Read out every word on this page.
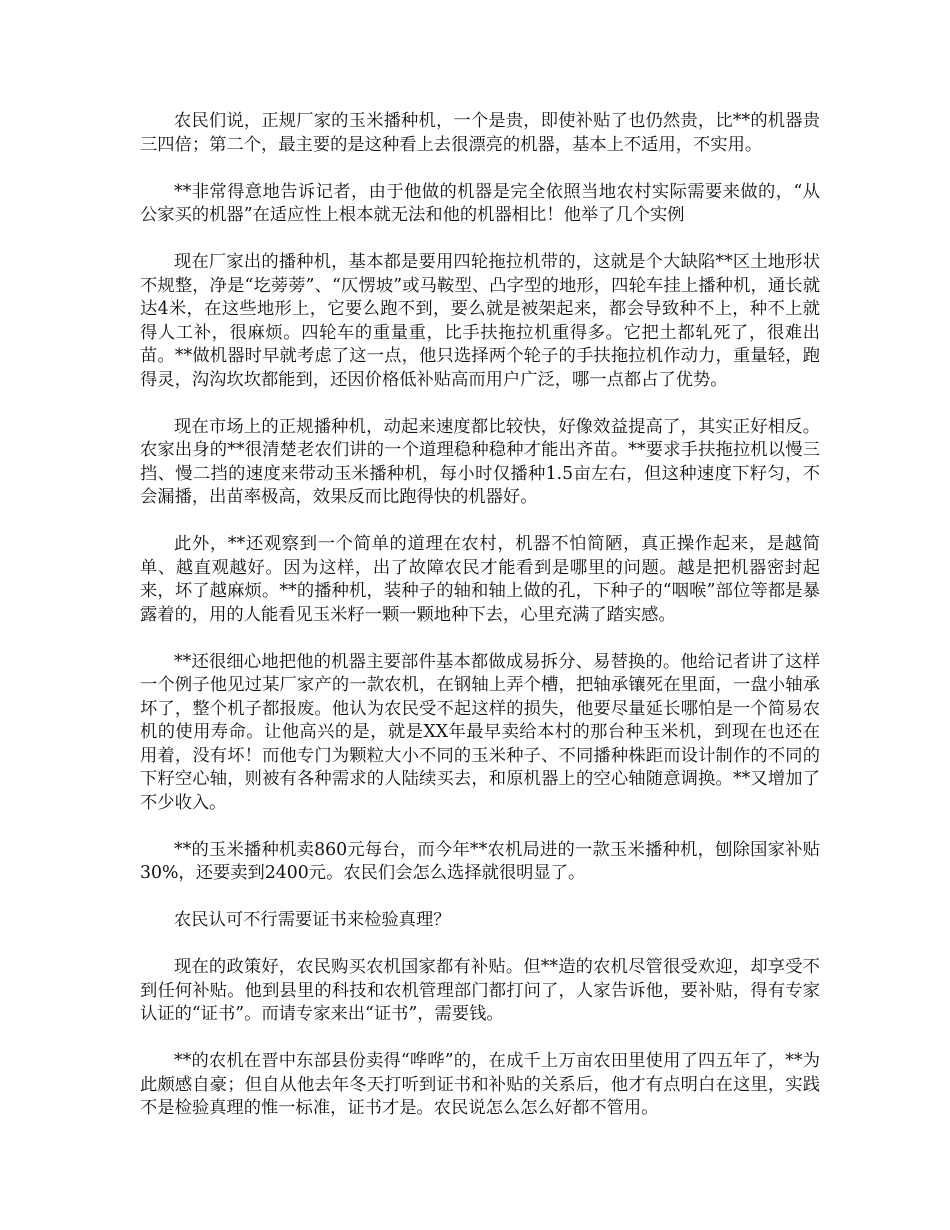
农民们说，正规厂家的玉米播种机，一个是贵，即使补贴了也仍然贵，比**的机器贵三四倍；第二个，最主要的是这种看上去很漂亮的机器，基本上不适用，不实用。

**非常得意地告诉记者，由于他做的机器是完全依照当地农村实际需要来做的，“从公家买的机器”在适应性上根本就无法和他的机器相比！他举了几个实例

现在厂家出的播种机，基本都是要用四轮拖拉机带的，这就是个大缺陷**区土地形状不规整，净是“圪蒡蒡”、“仄愣坡”或马鞍型、凸字型的地形，四轮车挂上播种机，通长就达4米，在这些地形上，它要么跑不到，要么就是被架起来，都会导致种不上，种不上就得人工补，很麻烦。四轮车的重量重，比手扶拖拉机重得多。它把土都轧死了，很难出苗。**做机器时早就考虑了这一点，他只选择两个轮子的手扶拖拉机作动力，重量轻，跑得灵，沟沟坎坎都能到，还因价格低补贴高而用户广泛，哪一点都占了优势。

现在市场上的正规播种机，动起来速度都比较快，好像效益提高了，其实正好相反。农家出身的**很清楚老农们讲的一个道理稳种稳种才能出齐苗。**要求手扶拖拉机以慢三挡、慢二挡的速度来带动玉米播种机，每小时仅播种1.5亩左右，但这种速度下籽匀，不会漏播，出苗率极高，效果反而比跑得快的机器好。

此外，**还观察到一个简单的道理在农村，机器不怕简陋，真正操作起来，是越简单、越直观越好。因为这样，出了故障农民才能看到是哪里的问题。越是把机器密封起来，坏了越麻烦。**的播种机，装种子的轴和轴上做的孔，下种子的“咽喉”部位等都是暴露着的，用的人能看见玉米籽一颗一颗地种下去，心里充满了踏实感。

**还很细心地把他的机器主要部件基本都做成易拆分、易替换的。他给记者讲了这样一个例子他见过某厂家产的一款农机，在钢轴上弄个槽，把轴承镶死在里面，一盘小轴承坏了，整个机子都报废。他认为农民受不起这样的损失，他要尽量延长哪怕是一个简易农机的使用寿命。让他高兴的是，就是XX年最早卖给本村的那台种玉米机，到现在也还在用着，没有坏！而他专门为颗粒大小不同的玉米种子、不同播种株距而设计制作的不同的下籽空心轴，则被有各种需求的人陆续买去，和原机器上的空心轴随意调换。**又增加了不少收入。

**的玉米播种机卖860元每台，而今年**农机局进的一款玉米播种机，刨除国家补贴30%，还要卖到2400元。农民们会怎么选择就很明显了。

农民认可不行需要证书来检验真理？

现在的政策好，农民购买农机国家都有补贴。但**造的农机尽管很受欢迎，却享受不到任何补贴。他到县里的科技和农机管理部门都打问了，人家告诉他，要补贴，得有专家认证的“证书”。而请专家来出“证书”，需要钱。

**的农机在晋中东部县份卖得“哗哗”的，在成千上万亩农田里使用了四五年了，**为此颇感自豪；但自从他去年冬天打听到证书和补贴的关系后，他才有点明白在这里，实践不是检验真理的惟一标准，证书才是。农民说怎么怎么好都不管用。
